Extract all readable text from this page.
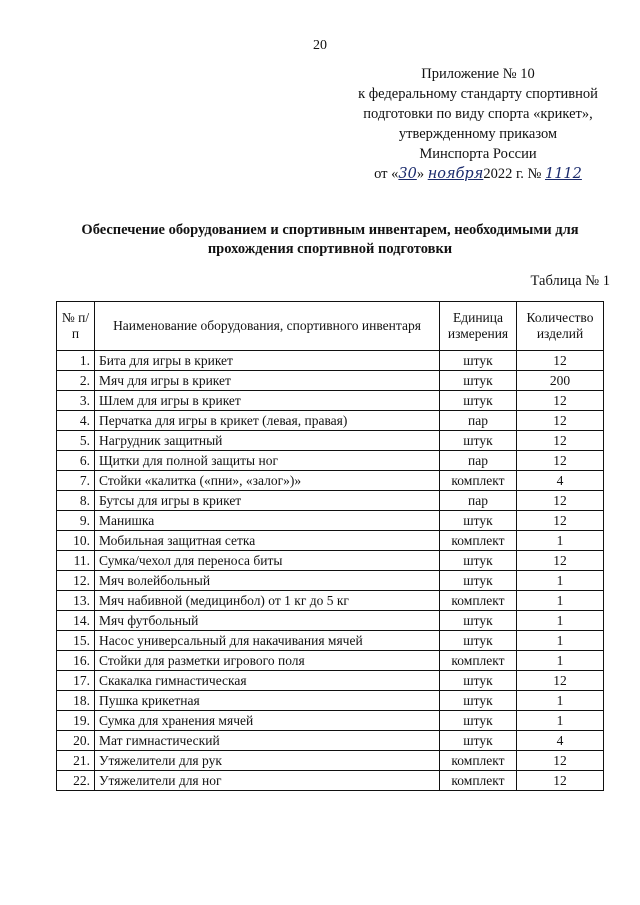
20
Приложение № 10
к федеральному стандарту спортивной
подготовки по виду спорта «крикет»,
утвержденному приказом
Минспорта России
от «30» ноября2022 г. № 1112
Обеспечение оборудованием и спортивным инвентарем, необходимыми для прохождения спортивной подготовки
Таблица № 1
№ п/п	Наименование оборудования, спортивного инвентаря	Единица измерения	Количество изделий
1.	Бита для игры в крикет	штук	12
2.	Мяч для игры в крикет	штук	200
3.	Шлем для игры в крикет	штук	12
4.	Перчатка для игры в крикет (левая, правая)	пар	12
5.	Нагрудник защитный	штук	12
6.	Щитки для полной защиты ног	пар	12
7.	Стойки «калитка («пни», «залог»)»	комплект	4
8.	Бутсы для игры в крикет	пар	12
9.	Манишка	штук	12
10.	Мобильная защитная сетка	комплект	1
11.	Сумка/чехол для переноса биты	штук	12
12.	Мяч волейбольный	штук	1
13.	Мяч набивной (медицинбол) от 1 кг до 5 кг	комплект	1
14.	Мяч футбольный	штук	1
15.	Насос универсальный для накачивания мячей	штук	1
16.	Стойки для разметки игрового поля	комплект	1
17.	Скакалка гимнастическая	штук	12
18.	Пушка крикетная	штук	1
19.	Сумка для хранения мячей	штук	1
20.	Мат гимнастический	штук	4
21.	Утяжелители для рук	комплект	12
22.	Утяжелители для ног	комплект	12
